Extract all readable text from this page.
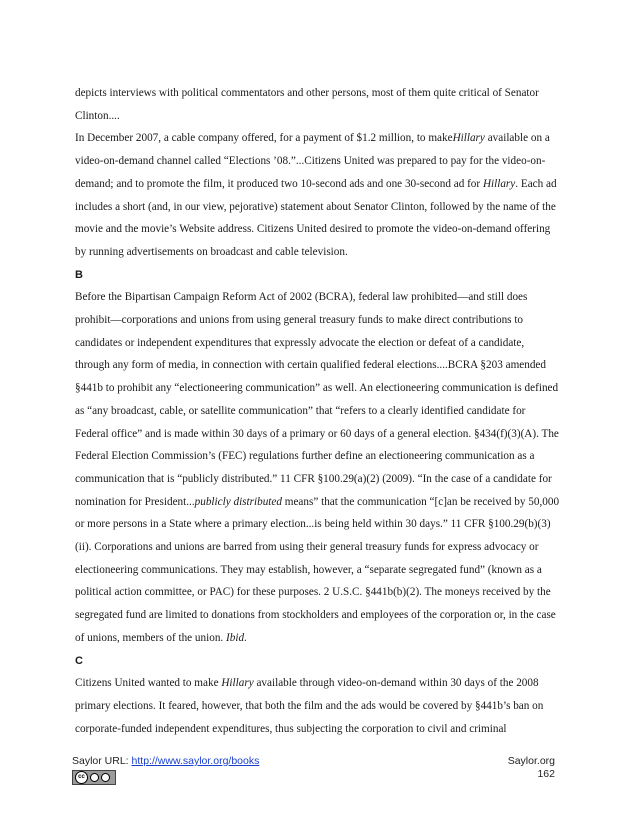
depicts interviews with political commentators and other persons, most of them quite critical of Senator Clinton....

In December 2007, a cable company offered, for a payment of $1.2 million, to makeHillary available on a video-on-demand channel called “Elections ’08.”...Citizens United was prepared to pay for the video-on-demand; and to promote the film, it produced two 10-second ads and one 30-second ad for Hillary. Each ad includes a short (and, in our view, pejorative) statement about Senator Clinton, followed by the name of the movie and the movie’s Website address. Citizens United desired to promote the video-on-demand offering by running advertisements on broadcast and cable television.

B

Before the Bipartisan Campaign Reform Act of 2002 (BCRA), federal law prohibited—and still does prohibit—corporations and unions from using general treasury funds to make direct contributions to candidates or independent expenditures that expressly advocate the election or defeat of a candidate, through any form of media, in connection with certain qualified federal elections....BCRA §203 amended §441b to prohibit any “electioneering communication” as well. An electioneering communication is defined as “any broadcast, cable, or satellite communication” that “refers to a clearly identified candidate for Federal office” and is made within 30 days of a primary or 60 days of a general election. §434(f)(3)(A). The Federal Election Commission’s (FEC) regulations further define an electioneering communication as a communication that is “publicly distributed.” 11 CFR §100.29(a)(2) (2009). “In the case of a candidate for nomination for President...publicly distributed means” that the communication “[c]an be received by 50,000 or more persons in a State where a primary election...is being held within 30 days.” 11 CFR §100.29(b)(3)(ii). Corporations and unions are barred from using their general treasury funds for express advocacy or electioneering communications. They may establish, however, a “separate segregated fund” (known as a political action committee, or PAC) for these purposes. 2 U.S.C. §441b(b)(2). The moneys received by the segregated fund are limited to donations from stockholders and employees of the corporation or, in the case of unions, members of the union. Ibid.

C

Citizens United wanted to make Hillary available through video-on-demand within 30 days of the 2008 primary elections. It feared, however, that both the film and the ads would be covered by §441b’s ban on corporate-funded independent expenditures, thus subjecting the corporation to civil and criminal

Saylor URL: http://www.saylor.org/books
cc
Saylor.org
162
